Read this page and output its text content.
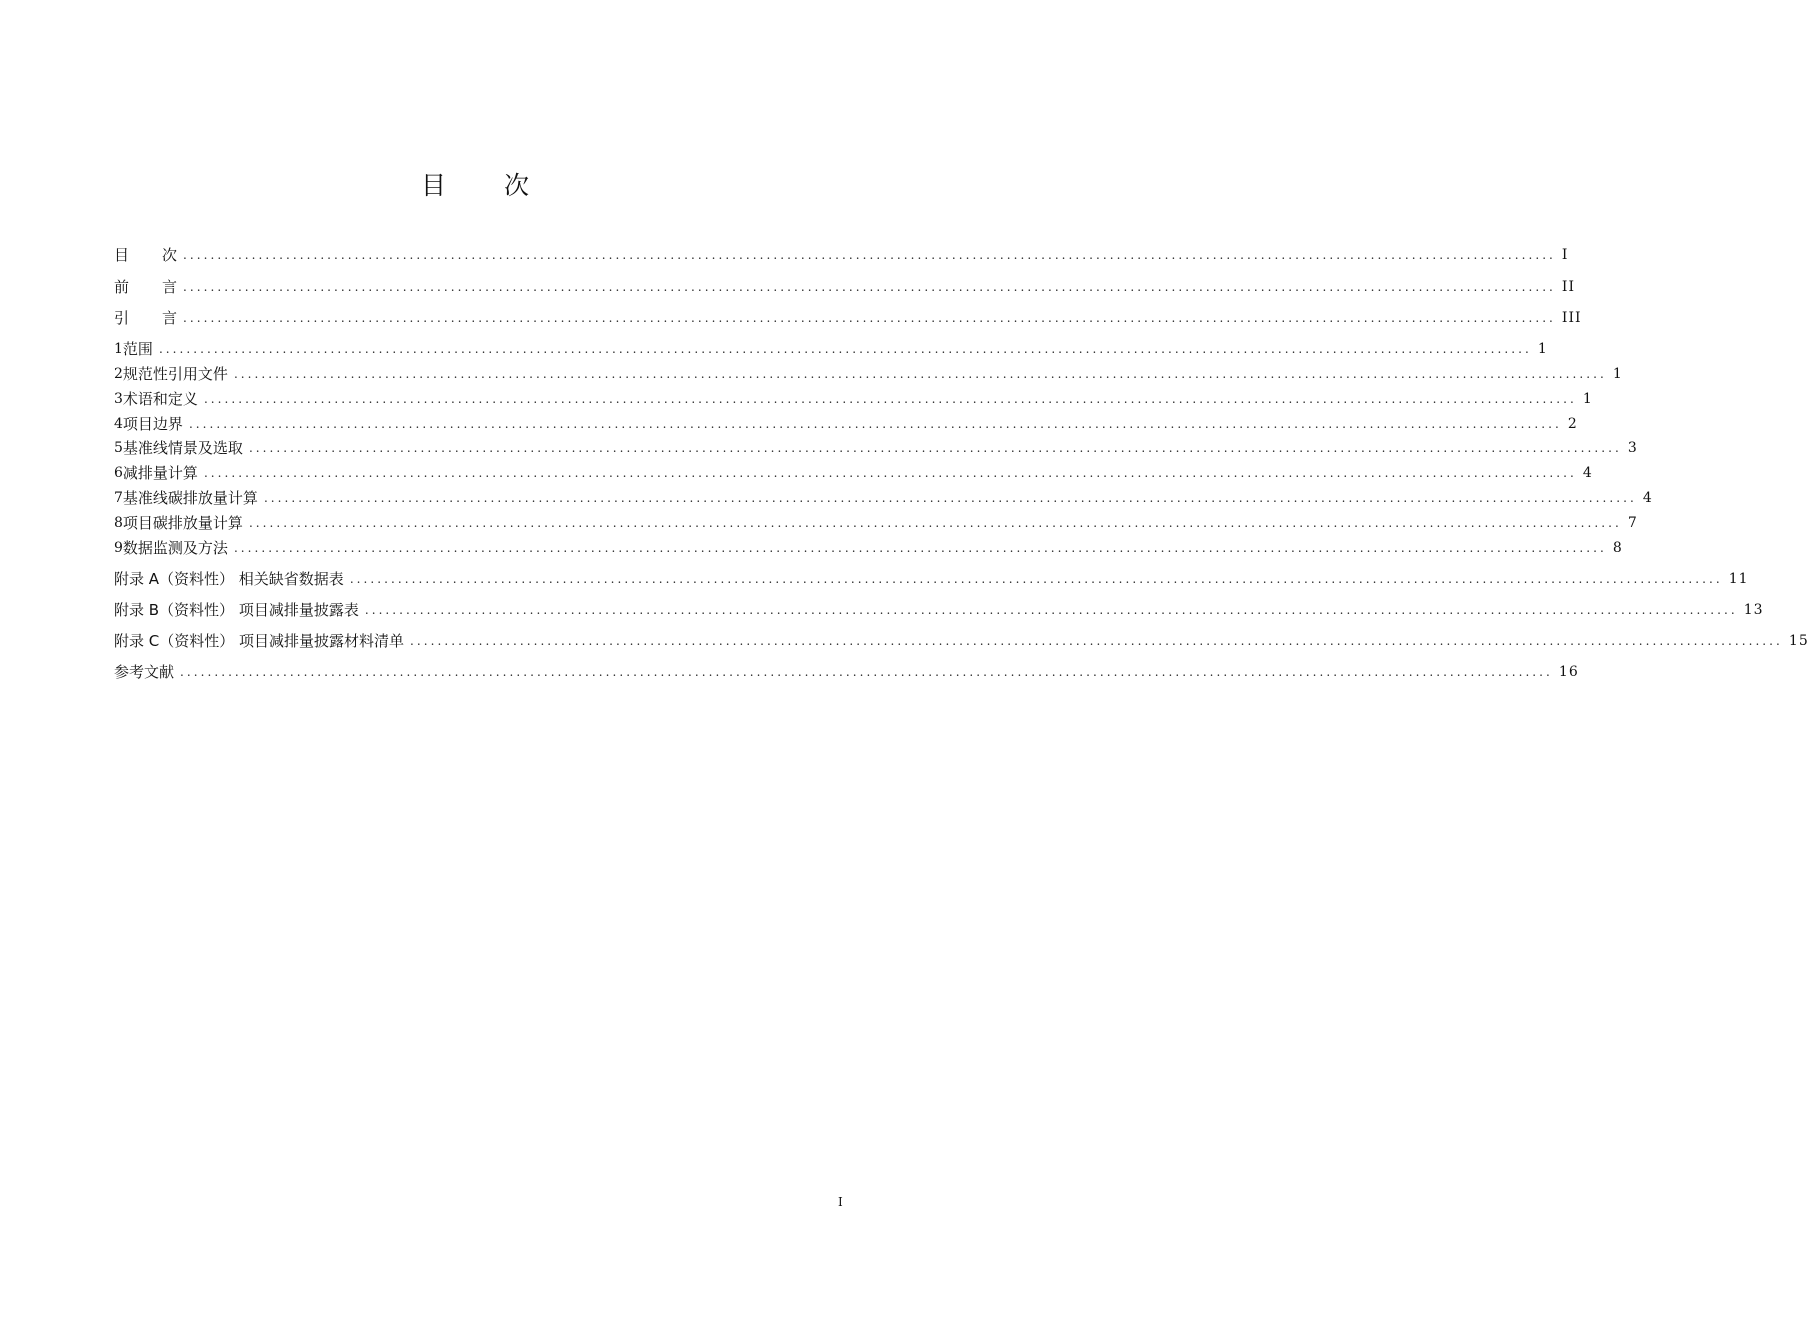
目次
目 次 ........................................................................................................................................................................................................ I
前 言 ........................................................................................................................................................................................................ II
引 言 ........................................................................................................................................................................................................ III
1 范围 ........................................................................................................................................................................................................ 1
2 规范性引用文件 ........................................................................................................................................................................................................ 1
3 术语和定义 ........................................................................................................................................................................................................ 1
4 项目边界 ........................................................................................................................................................................................................ 2
5 基准线情景及选取 ........................................................................................................................................................................................................ 3
6 减排量计算 ........................................................................................................................................................................................................ 4
7 基准线碳排放量计算 ........................................................................................................................................................................................................ 4
8 项目碳排放量计算 ........................................................................................................................................................................................................ 7
9 数据监测及方法 ........................................................................................................................................................................................................ 8
附录 A（资料性） 相关缺省数据表 ........................................................................................................................................................................................................ 11
附录 B（资料性） 项目减排量披露表 ........................................................................................................................................................................................................ 13
附录 C（资料性） 项目减排量披露材料清单 ........................................................................................................................................................................................................ 15
参考文献 ........................................................................................................................................................................................................ 16
I
